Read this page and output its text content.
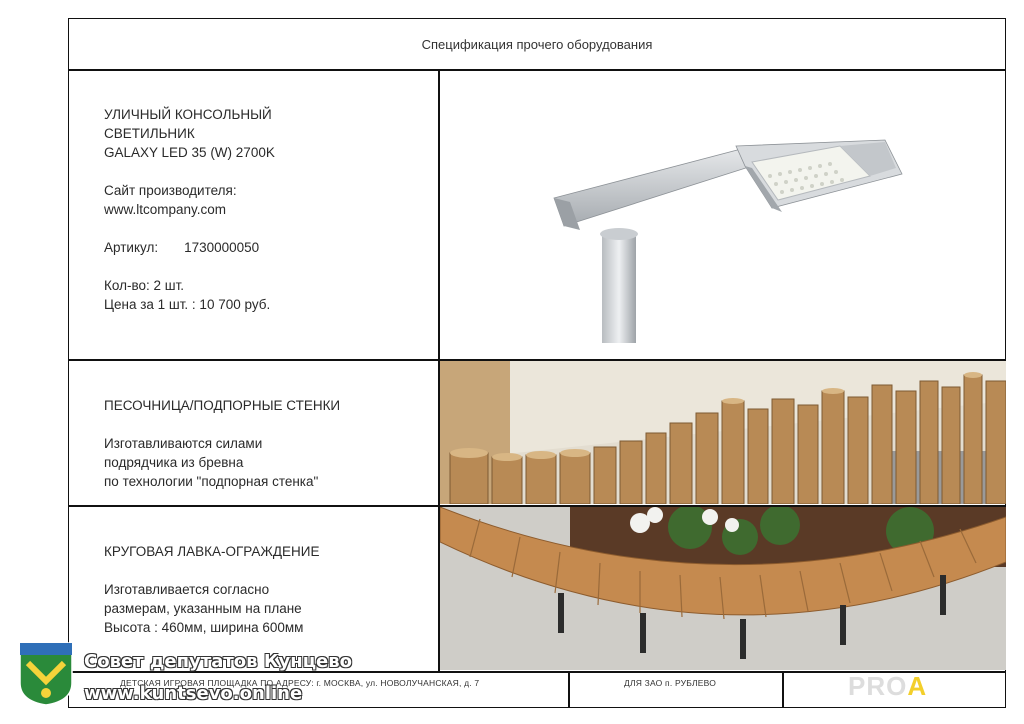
Спецификация прочего оборудования

УЛИЧНЫЙ КОНСОЛЬНЫЙ

СВЕТИЛЬНИК

GALAXY LED 35 (W) 2700K

Сайт производителя:

www.ltcompany.com

Артикул: 1730000050

Кол-во: 2 шт.

Цена за 1 шт. : 10 700 руб.

ПЕСОЧНИЦА/ПОДПОРНЫЕ СТЕНКИ

Изготавливаются силами

подрядчика из бревна

по технологии "подпорная стенка"

КРУГОВАЯ ЛАВКА-ОГРАЖДЕНИЕ

Изготавливается согласно

размерам, указанным на плане

Высота : 460мм, ширина 600мм

ДЕТСКАЯ ИГРОВАЯ ПЛОЩАДКА ПО АДРЕСУ: г. МОСКВА, ул. НОВОЛУЧАНСКАЯ, д. 7	ДЛЯ ЗАО п. РУБЛЕВО	PROA
Совет депутатов Кунцево
www.kuntsevo.online
